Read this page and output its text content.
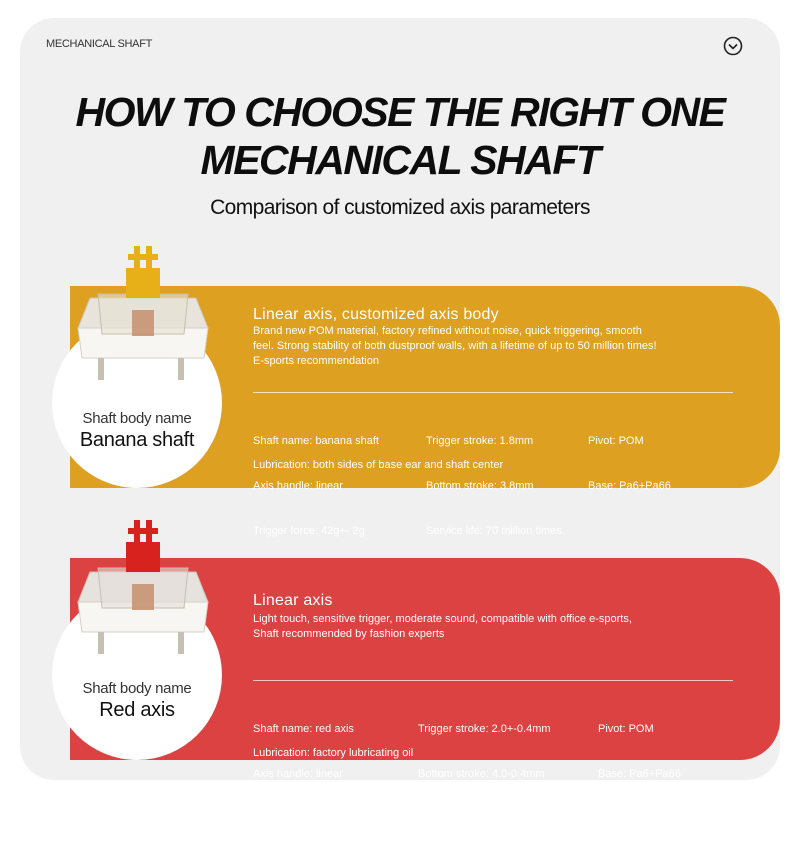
MECHANICAL SHAFT
HOW TO CHOOSE THE RIGHT ONE
MECHANICAL SHAFT
Comparison of customized axis parameters
Linear axis, customized axis body
Brand new POM material, factory refined without noise, quick triggering, smooth
feel. Strong stability of both dustproof walls, with a lifetime of up to 50 million times!
E-sports recommendation

Shaft name: banana shaft

Axis handle: linear

Trigger force: 42g+- 2g

Trigger stroke: 1.8mm

Bottom stroke: 3.8mm

Service life: 70 million times

Pivot: POM

Base: Pa6+Pa66

Lubrication: both sides of base ear and shaft center
Shaft body name
Banana shaft
Linear axis
Light touch, sensitive trigger, moderate sound, compatible with office e-sports,
Shaft recommended by fashion experts

Shaft name: red axis

Axis handle: linear

Trigger force: 45g+- 5g

Trigger stroke: 2.0+-0.4mm

Bottom stroke: 4.0-0.4mm

Service life: 50 million times

Pivot: POM

Base: Pa6+Pa66

Lubrication: factory lubricating oil
Shaft body name
Red axis
